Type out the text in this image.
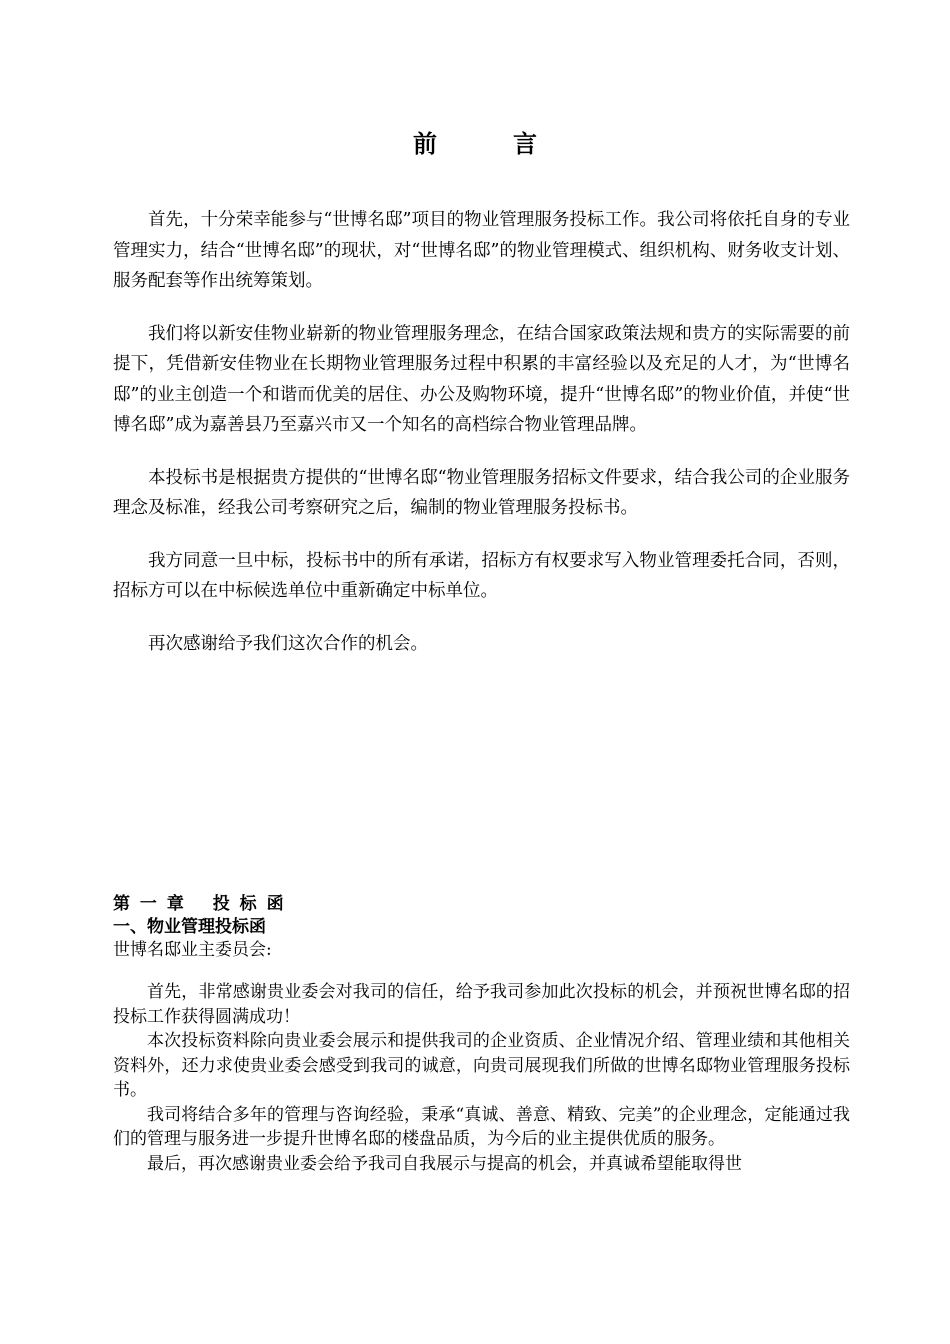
前　言

首先，十分荣幸能参与“世博名邸”项目的物业管理服务投标工作。我公司将依托自身的专业管理实力，结合“世博名邸”的现状，对“世博名邸”的物业管理模式、组织机构、财务收支计划、服务配套等作出统筹策划。

我们将以新安佳物业崭新的物业管理服务理念，在结合国家政策法规和贵方的实际需要的前提下，凭借新安佳物业在长期物业管理服务过程中积累的丰富经验以及充足的人才，为“世博名邸”的业主创造一个和谐而优美的居住、办公及购物环境，提升“世博名邸”的物业价值，并使“世博名邸”成为嘉善县乃至嘉兴市又一个知名的高档综合物业管理品牌。

本投标书是根据贵方提供的“世博名邸“物业管理服务招标文件要求，结合我公司的企业服务理念及标准，经我公司考察研究之后，编制的物业管理服务投标书。

我方同意一旦中标，投标书中的所有承诺，招标方有权要求写入物业管理委托合同，否则，招标方可以在中标候选单位中重新确定中标单位。

再次感谢给予我们这次合作的机会。

第 一 章　 投 标 函
一、物业管理投标函

世博名邸业主委员会:

首先，非常感谢贵业委会对我司的信任，给予我司参加此次投标的机会，并预祝世博名邸的招投标工作获得圆满成功！

本次投标资料除向贵业委会展示和提供我司的企业资质、企业情况介绍、管理业绩和其他相关资料外，还力求使贵业委会感受到我司的诚意，向贵司展现我们所做的世博名邸物业管理服务投标书。

我司将结合多年的管理与咨询经验，秉承“真诚、善意、精致、完美”的企业理念，定能通过我们的管理与服务进一步提升世博名邸的楼盘品质，为今后的业主提供优质的服务。

最后，再次感谢贵业委会给予我司自我展示与提高的机会，并真诚希望能取得世
